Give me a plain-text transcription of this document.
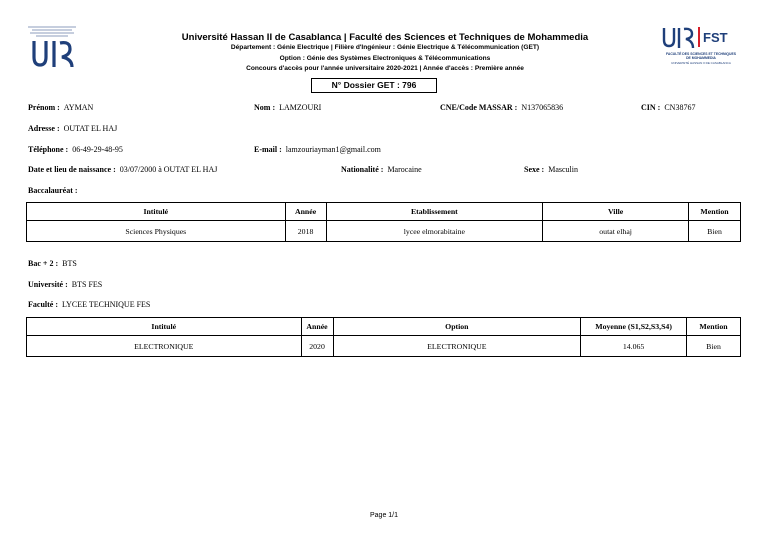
FST
FACULTÉ DES SCIENCES ET TECHNIQUES
DE MOHAMMEDIA
UNIVERSITÉ HASSAN II DE CASABLANCA
Université Hassan II de Casablanca | Faculté des Sciences et Techniques de Mohammedia
Département : Génie Electrique | Filière d'Ingénieur : Génie Electrique & Télécommunication (GET)
Option : Génie des Systèmes Electroniques & Télécommunications
Concours d'accès pour l'année universitaire 2020-2021 | Année d'accès : Première année
N° Dossier GET : 796
Prénom : AYMAN	Nom : LAMZOURI	CNE/Code MASSAR : N137065836	CIN : CN38767
Adresse : OUTAT EL HAJ
Téléphone : 06-49-29-48-95	E-mail : lamzouriayman1@gmail.com
Date et lieu de naissance : 03/07/2000 à OUTAT EL HAJ	Nationalité : Marocaine	Sexe : Masculin
Baccalauréat :
Intitulé	Année	Etablissement	Ville	Mention
Sciences Physiques	2018	lycee elmorabitaine	outat elhaj	Bien
Bac + 2 : BTS
Université : BTS FES
Faculté : LYCEE TECHNIQUE FES
Intitulé	Année	Option	Moyenne (S1,S2,S3,S4)	Mention
ELECTRONIQUE	2020	ELECTRONIQUE	14.065	Bien
Page 1/1
